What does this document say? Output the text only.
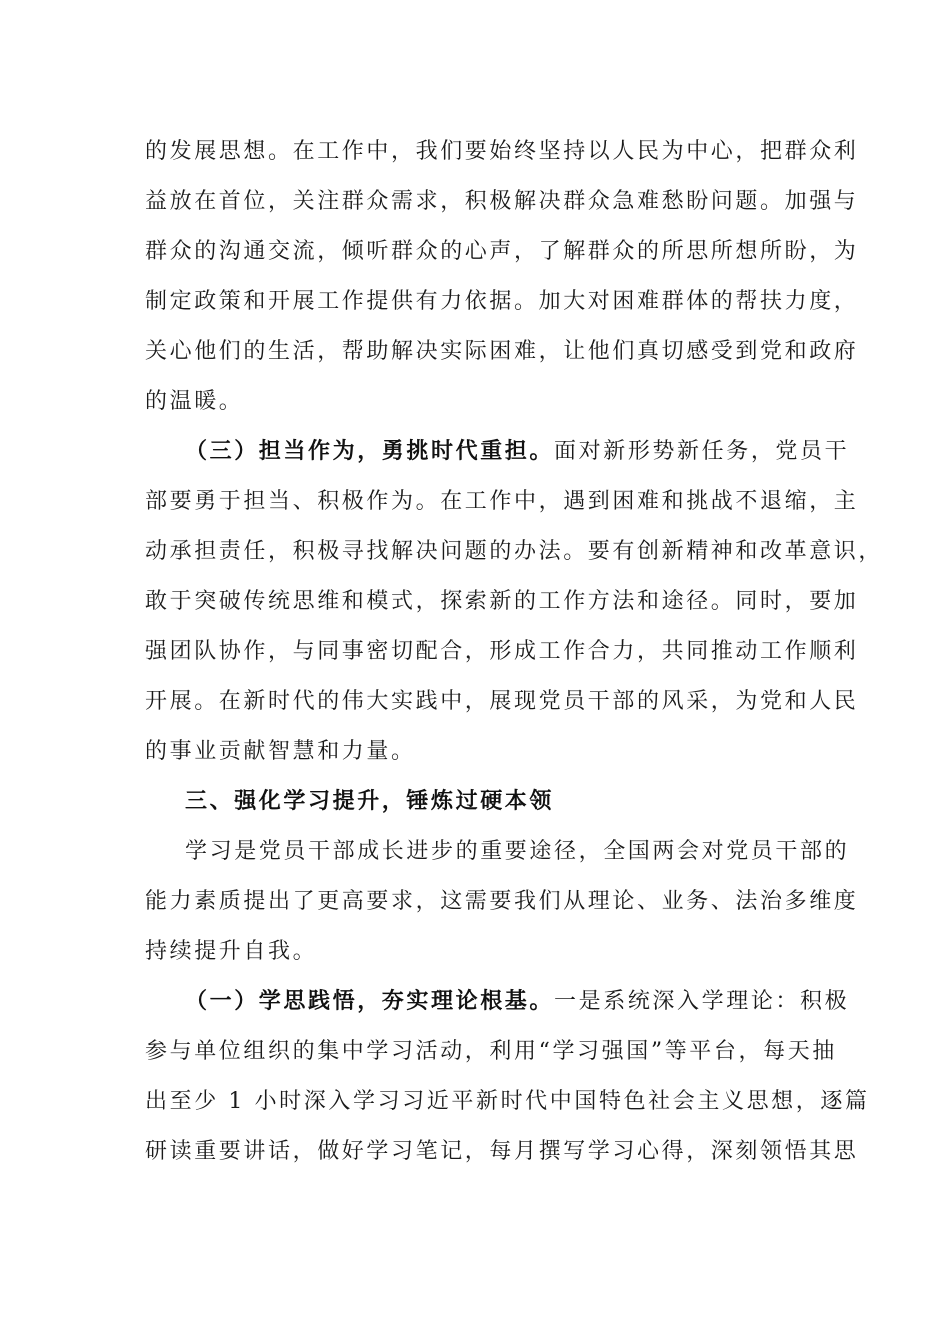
的发展思想。在工作中，我们要始终坚持以人民为中心，把群众利
益放在首位，关注群众需求，积极解决群众急难愁盼问题。加强与
群众的沟通交流，倾听群众的心声，了解群众的所思所想所盼，为
制定政策和开展工作提供有力依据。加大对困难群体的帮扶力度，
关心他们的生活，帮助解决实际困难，让他们真切感受到党和政府
的温暖。
（三）担当作为，勇挑时代重担。面对新形势新任务，党员干
部要勇于担当、积极作为。在工作中，遇到困难和挑战不退缩，主
动承担责任，积极寻找解决问题的办法。要有创新精神和改革意识，
敢于突破传统思维和模式，探索新的工作方法和途径。同时，要加
强团队协作，与同事密切配合，形成工作合力，共同推动工作顺利
开展。在新时代的伟大实践中，展现党员干部的风采，为党和人民
的事业贡献智慧和力量。
三、强化学习提升，锤炼过硬本领
学习是党员干部成长进步的重要途径，全国两会对党员干部的
能力素质提出了更高要求，这需要我们从理论、业务、法治多维度
持续提升自我。
（一）学思践悟，夯实理论根基。一是系统深入学理论：积极
参与单位组织的集中学习活动，利用“学习强国”等平台，每天抽
出至少 1 小时深入学习习近平新时代中国特色社会主义思想，逐篇
研读重要讲话，做好学习笔记，每月撰写学习心得，深刻领悟其思
